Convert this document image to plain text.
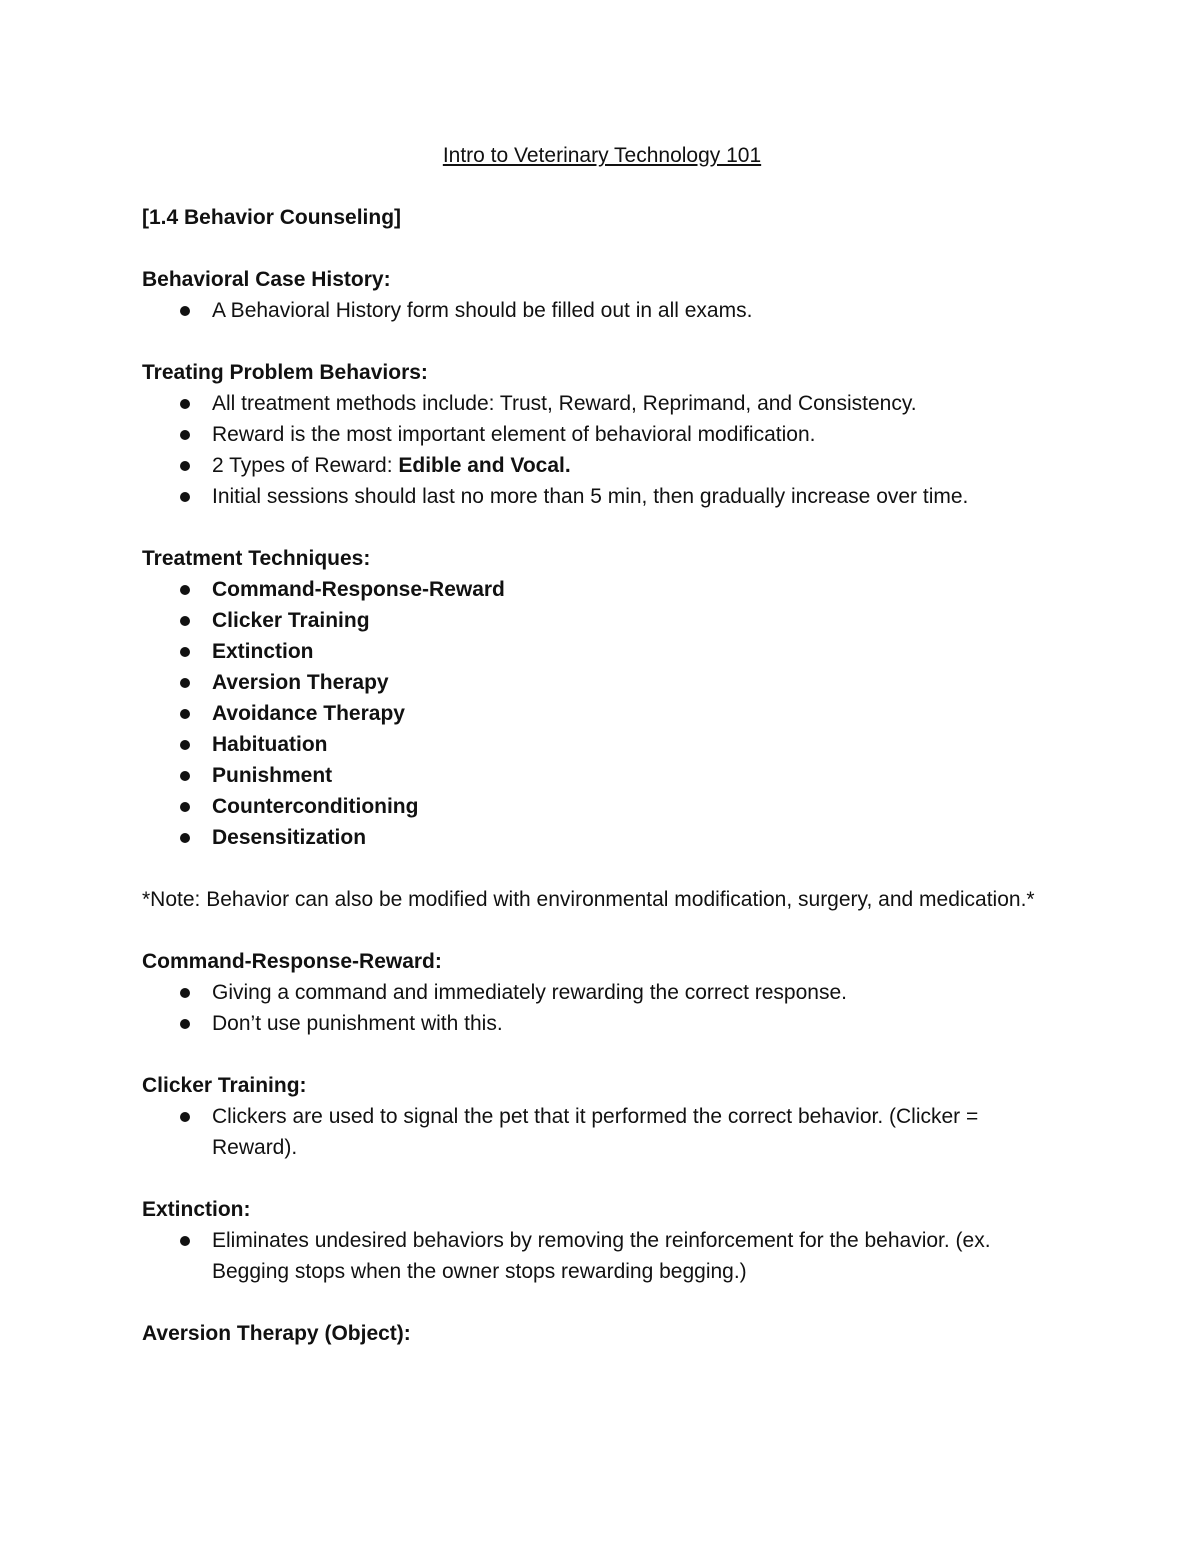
Intro to Veterinary Technology 101

[1.4 Behavior Counseling]

Behavioral Case History:

A Behavioral History form should be filled out in all exams.

Treating Problem Behaviors:

All treatment methods include: Trust, Reward, Reprimand, and Consistency.
Reward is the most important element of behavioral modification.
2 Types of Reward: Edible and Vocal.
Initial sessions should last no more than 5 min, then gradually increase over time.

Treatment Techniques:

Command-Response-Reward
Clicker Training
Extinction
Aversion Therapy
Avoidance Therapy
Habituation
Punishment
Counterconditioning
Desensitization

*Note: Behavior can also be modified with environmental modification, surgery, and medication.*

Command-Response-Reward:

Giving a command and immediately rewarding the correct response.
Don’t use punishment with this.

Clicker Training:

Clickers are used to signal the pet that it performed the correct behavior. (Clicker = Reward).

Extinction:

Eliminates undesired behaviors by removing the reinforcement for the behavior. (ex. Begging stops when the owner stops rewarding begging.)

Aversion Therapy (Object):
